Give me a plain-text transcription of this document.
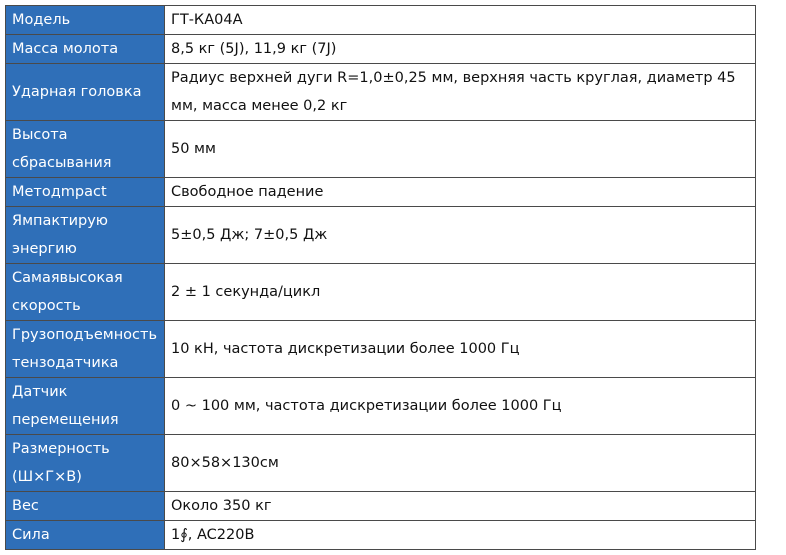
Модель	ГТ-КА04А
Масса молота	8,5 кг (5J), 11,9 кг (7J)
Ударная головка	Радиус верхней дуги R=1,0±0,25 мм, верхняя часть круглая, диаметр 45 мм, масса менее 0,2 кг
Высота сбрасывания	50 мм
Методmpact	Свободное падение
Ямпактирую энергию	5±0,5 Дж; 7±0,5 Дж
Самаявысокая скорость	2 ± 1 секунда/цикл
Грузоподъемность тензодатчика	10 кН, частота дискретизации более 1000 Гц
Датчик перемещения	0 ~ 100 мм, частота дискретизации более 1000 Гц
Размерность (Ш×Г×В)	80×58×130см
Вес	Около 350 кг
Сила	1∮, AC220B
